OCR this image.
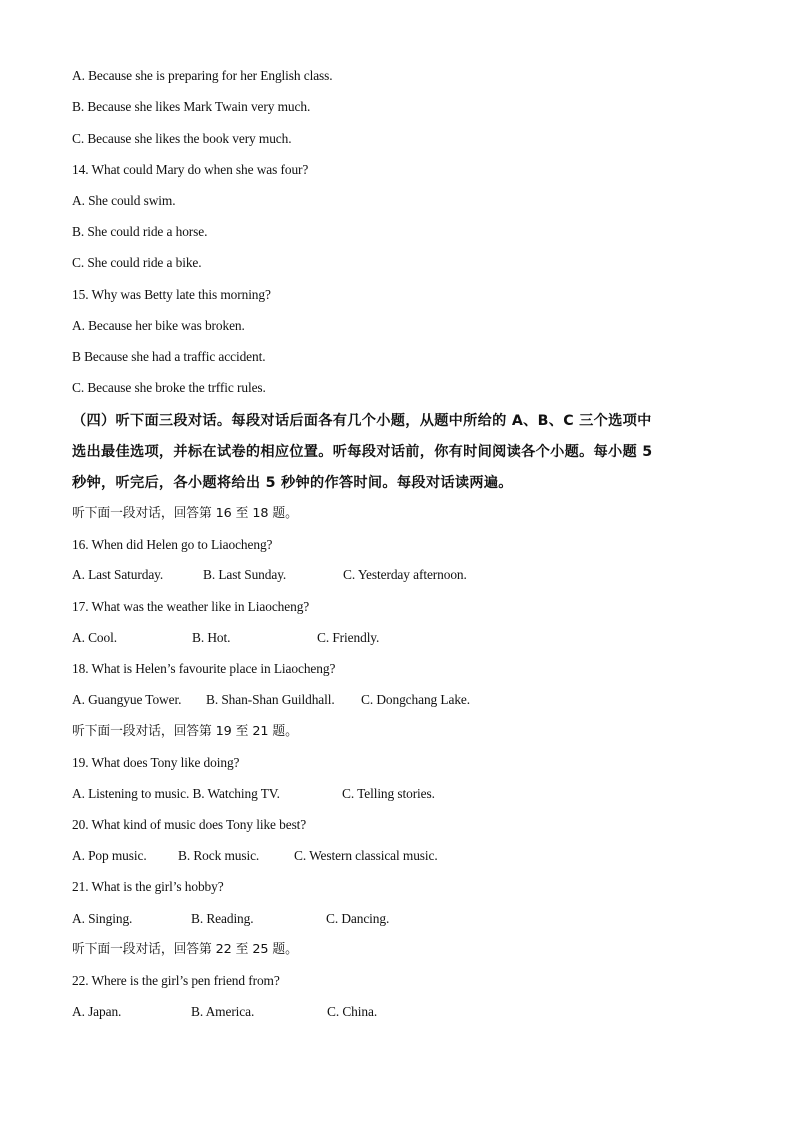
A. Because she is preparing for her English class.
B. Because she likes Mark Twain very much.
C. Because she likes the book very much.
14. What could Mary do when she was four?
A. She could swim.
B. She could ride a horse.
C. She could ride a bike.
15. Why was Betty late this morning?
A. Because her bike was broken.
B Because she had a traffic accident.
C. Because she broke the trffic rules.
（四）听下面三段对话。每段对话后面各有几个小题，从题中所给的 A、B、C 三个选项中
选出最佳选项，并标在试卷的相应位置。听每段对话前，你有时间阅读各个小题。每小题 5
秒钟，听完后，各小题将给出 5 秒钟的作答时间。每段对话读两遍。
听下面一段对话，回答第 16 至 18 题。
16. When did Helen go to Liaocheng?
A. Last Saturday.	B. Last Sunday.	C. Yesterday afternoon.
17. What was the weather like in Liaocheng?
A. Cool.	B. Hot.	C. Friendly.
18. What is Helen’s favourite place in Liaocheng?
A. Guangyue Tower. B. Shan-Shan Guildhall. C. Dongchang Lake.
听下面一段对话，回答第 19 至 21 题。
19. What does Tony like doing?
A. Listening to music. B. Watching TV.	C. Telling stories.
20. What kind of music does Tony like best?
A. Pop music. B. Rock music.	C. Western classical music.
21. What is the girl’s hobby?
A. Singing.	B. Reading.	C. Dancing.
听下面一段对话，回答第 22 至 25 题。
22. Where is the girl’s pen friend from?
A. Japan.	B. America.	C. China.
